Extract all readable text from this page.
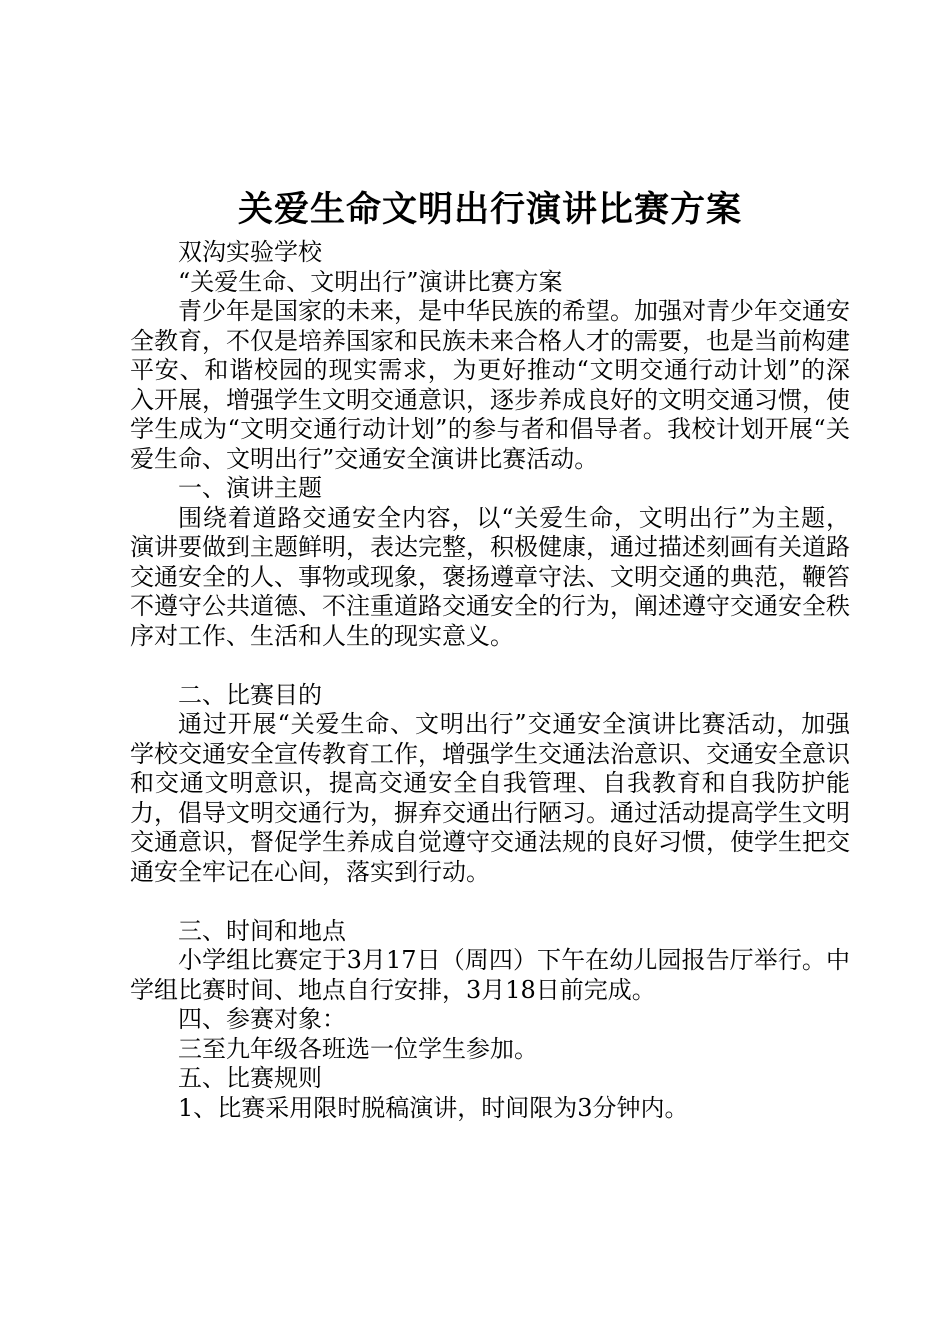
关爱生命文明出行演讲比赛方案

双沟实验学校

“关爱生命、文明出行”演讲比赛方案

青少年是国家的未来，是中华民族的希望。加强对青少年交通安全教育，不仅是培养国家和民族未来合格人才的需要，也是当前构建平安、和谐校园的现实需求，为更好推动“文明交通行动计划”的深入开展，增强学生文明交通意识，逐步养成良好的文明交通习惯，使学生成为“文明交通行动计划”的参与者和倡导者。我校计划开展“关爱生命、文明出行”交通安全演讲比赛活动。

一、演讲主题

围绕着道路交通安全内容，以“关爱生命，文明出行”为主题，演讲要做到主题鲜明，表达完整，积极健康，通过描述刻画有关道路交通安全的人、事物或现象，褒扬遵章守法、文明交通的典范，鞭笞不遵守公共道德、不注重道路交通安全的行为，阐述遵守交通安全秩序对工作、生活和人生的现实意义。

二、比赛目的

通过开展“关爱生命、文明出行”交通安全演讲比赛活动，加强学校交通安全宣传教育工作，增强学生交通法治意识、交通安全意识和交通文明意识，提高交通安全自我管理、自我教育和自我防护能力，倡导文明交通行为，摒弃交通出行陋习。通过活动提高学生文明交通意识，督促学生养成自觉遵守交通法规的良好习惯，使学生把交通安全牢记在心间，落实到行动。

三、时间和地点

小学组比赛定于3月17日（周四）下午在幼儿园报告厅举行。中学组比赛时间、地点自行安排，3月18日前完成。

四、参赛对象：

三至九年级各班选一位学生参加。

五、比赛规则

1、比赛采用限时脱稿演讲，时间限为3分钟内。
